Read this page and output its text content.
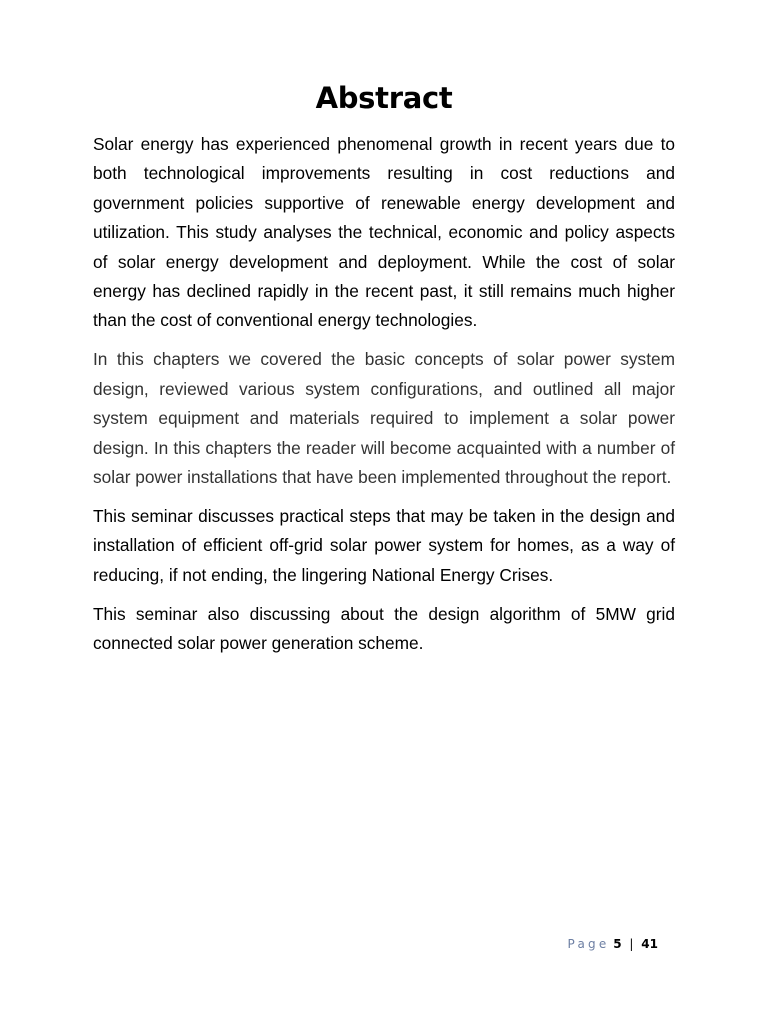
Abstract

Solar energy has experienced phenomenal growth in recent years due to both technological improvements resulting in cost reductions and government policies supportive of renewable energy development and utilization. This study analyses the technical, economic and policy aspects of solar energy development and deployment. While the cost of solar energy has declined rapidly in the recent past, it still remains much higher than the cost of conventional energy technologies.

In this chapters we covered the basic concepts of solar power system design, reviewed various system configurations, and outlined all major system equipment and materials required to implement a solar power design. In this chapters the reader will become acquainted with a number of solar power installations that have been implemented throughout the report.

This seminar discusses practical steps that may be taken in the design and installation of efficient off-grid solar power system for homes, as a way of reducing, if not ending, the lingering National Energy Crises.

This seminar also discussing about the design algorithm of 5MW grid connected solar power generation scheme.

Page 5 | 41
